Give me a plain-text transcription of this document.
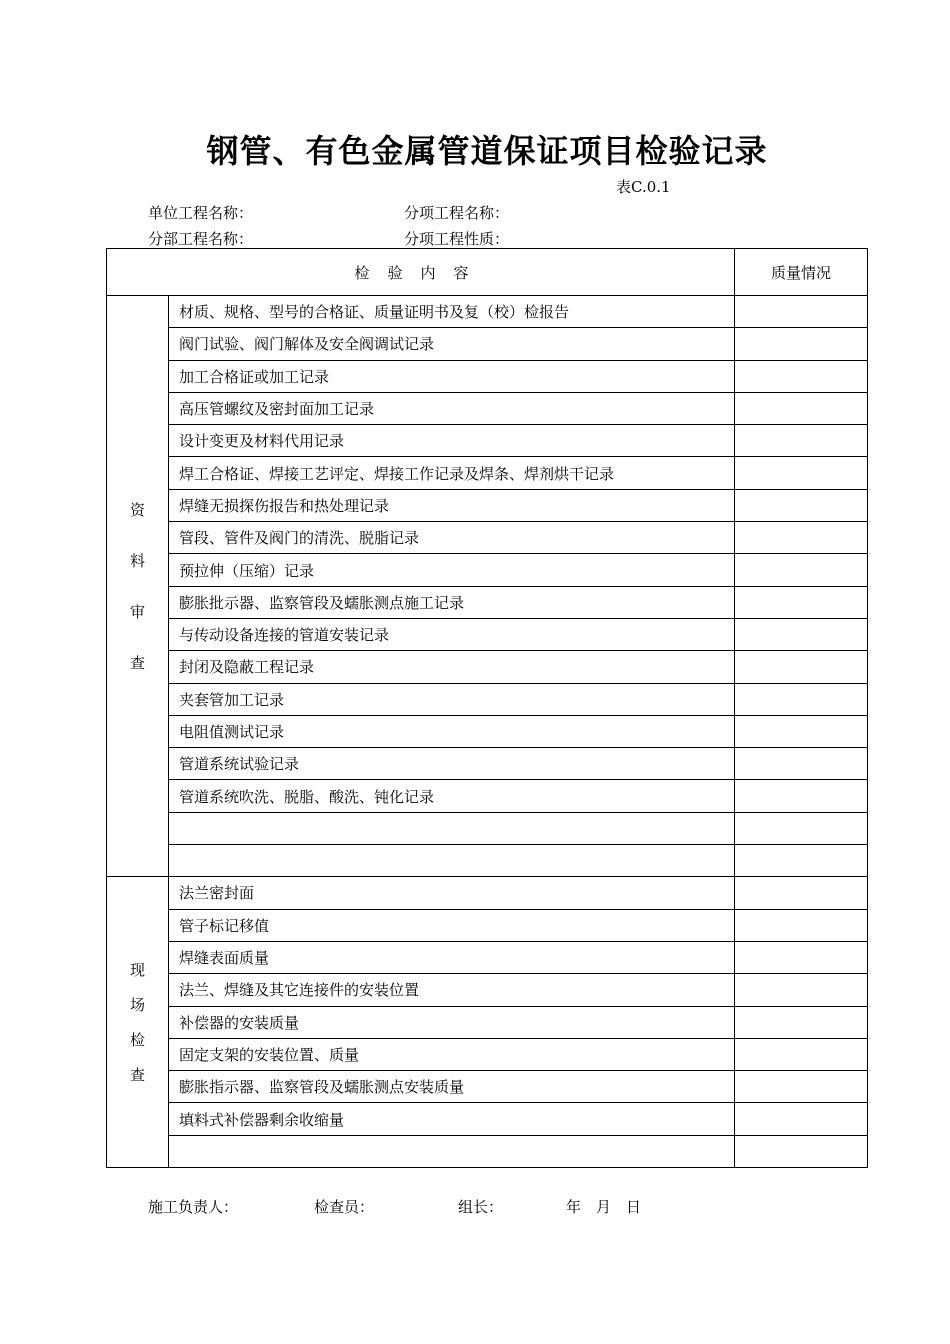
钢管、有色金属管道保证项目检验记录
表C.0.1
单位工程名称：	分项工程名称：
分部工程名称：	分项工程性质：
检验内容		质量情况

资
料
审
查	材质、规格、型号的合格证、质量证明书及复（校）检报告	
	阀门试验、阀门解体及安全阀调试记录	
	加工合格证或加工记录	
	高压管螺纹及密封面加工记录	
	设计变更及材料代用记录	
	焊工合格证、焊接工艺评定、焊接工作记录及焊条、焊剂烘干记录	
	焊缝无损探伤报告和热处理记录	
	管段、管件及阀门的清洗、脱脂记录	
	预拉伸（压缩）记录	
	膨胀批示器、监察管段及蠕胀测点施工记录	
	与传动设备连接的管道安装记录	
	封闭及隐蔽工程记录	
	夹套管加工记录	
	电阻值测试记录	
	管道系统试验记录	
	管道系统吹洗、脱脂、酸洗、钝化记录	

现
场
检
查	法兰密封面	
	管子标记移值	
	焊缝表面质量	
	法兰、焊缝及其它连接件的安装位置	
	补偿器的安装质量	
	固定支架的安装位置、质量	
	膨胀指示器、监察管段及蠕胀测点安装质量	
	填料式补偿器剩余收缩量	

施工负责人：	检查员：	组长：	年　月　日
